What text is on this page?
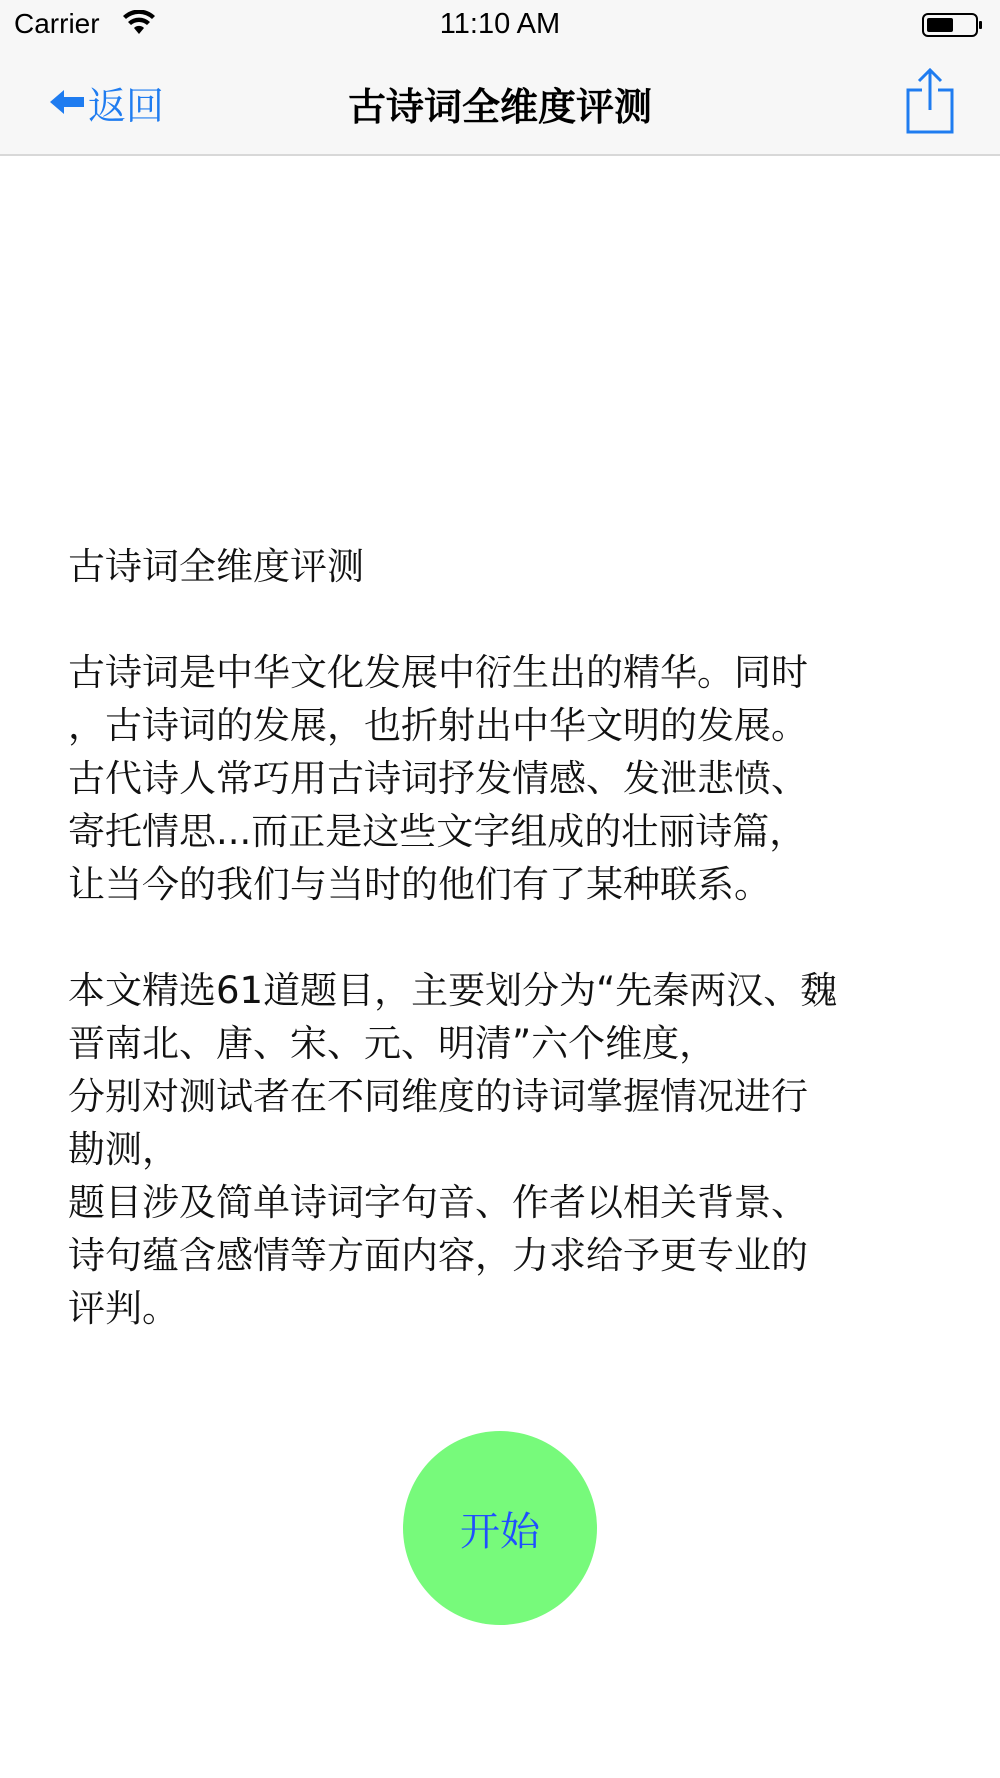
Carrier	11:10 AM
返回	古诗词全维度评测

古诗词全维度评测

古诗词是中华文化发展中衍生出的精华。同时
，古诗词的发展，也折射出中华文明的发展。
古代诗人常巧用古诗词抒发情感、发泄悲愤、
寄托情思...而正是这些文字组成的壮丽诗篇，
让当今的我们与当时的他们有了某种联系。

本文精选61道题目，主要划分为“先秦两汉、魏
晋南北、唐、宋、元、明清”六个维度，
分别对测试者在不同维度的诗词掌握情况进行
勘测，
题目涉及简单诗词字句音、作者以相关背景、
诗句蕴含感情等方面内容，力求给予更专业的
评判。

开始
